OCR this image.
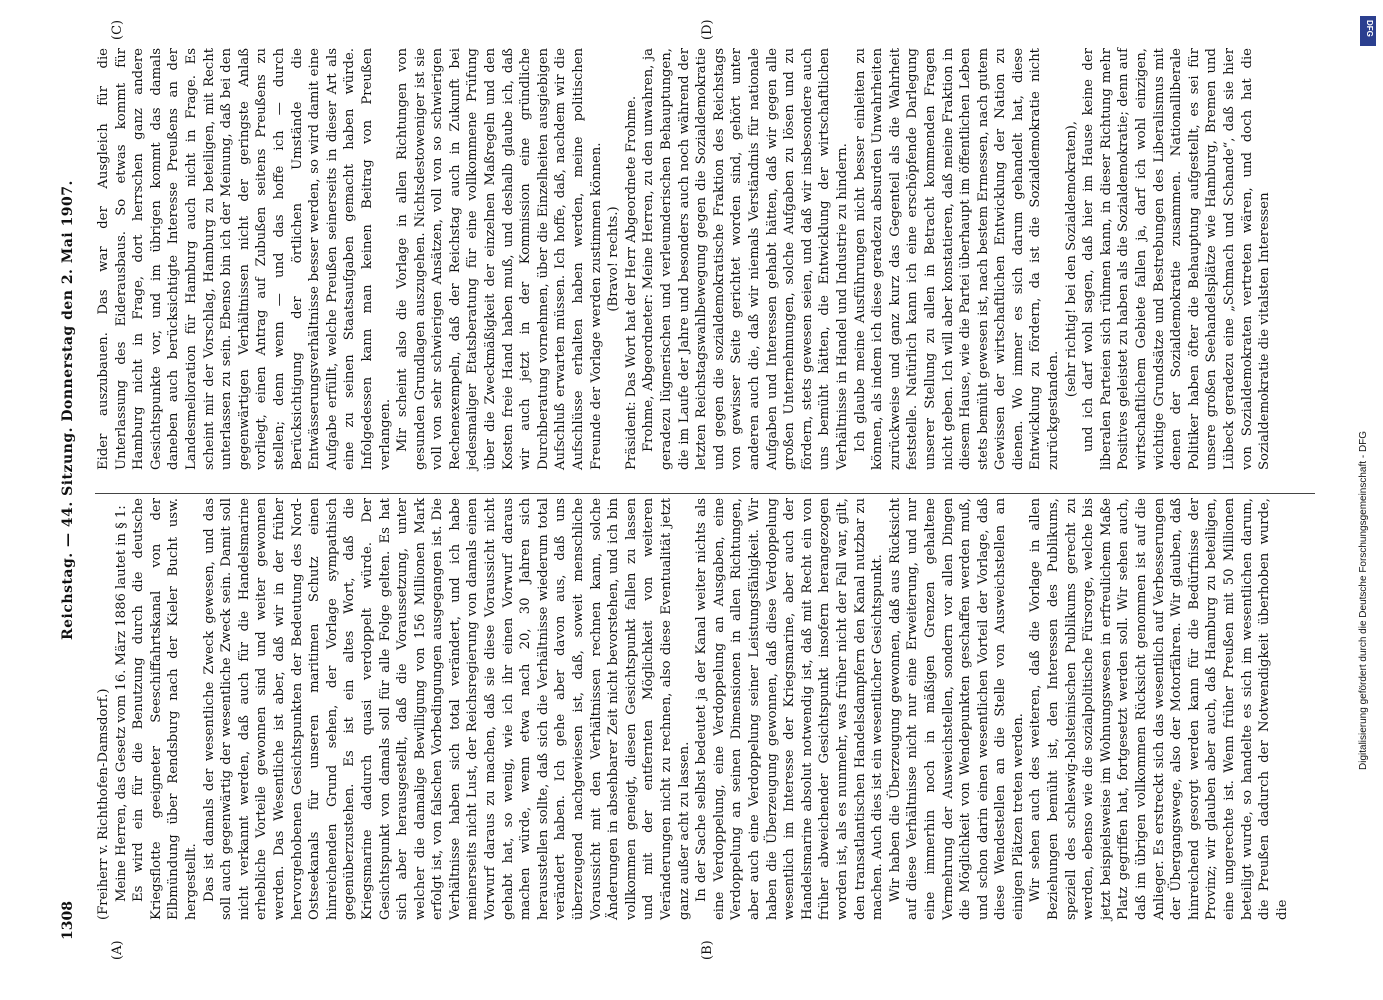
1308
Reichstag. — 44. Sitzung. Donnerstag den 2. Mai 1907.
(A)	(B)
(C)	(D)

(Freiherr v. Richthofen-Damsdorf.) Meine Herren, das Gesetz vom 16. März 1886 lautet in § 1: Es wird ein für die Benutzung durch die deutsche Kriegsflotte geeigneter Seeschiffahrtskanal von der Elbmündung über Rendsburg nach der Kieler Bucht usw. hergestellt. Das ist damals der wesentliche Zweck gewesen, und das soll auch gegenwärtig der wesentliche Zweck sein. Damit soll nicht verkannt werden, daß auch für die Handelsmarine erhebliche Vorteile gewonnen sind und weiter gewonnen werden. Das Wesentliche ist aber, daß wir in der früher hervorgehobenen Gesichtspunkten der Bedeutung des Nord-Ostseekanals für unseren maritimen Schutz einen hinreichenden Grund sehen, der Vorlage sympathisch gegenüberzustehen. Es ist ein altes Wort, daß die Kriegsmarine dadurch quasi verdoppelt würde. Der Gesichtspunkt von damals soll für alle Folge gelten. Es hat sich aber herausgestellt, daß die Voraussetzung, unter welcher die damalige Bewilligung von 156 Millionen Mark erfolgt ist, von falschen Vorbedingungen ausgegangen ist. Die Verhältnisse haben sich total verändert, und ich habe meinerseits nicht Lust, der Reichsregierung von damals einen Vorwurf daraus zu machen, daß sie diese Voraussicht nicht gehabt hat, so wenig, wie ich ihr einen Vorwurf daraus machen würde, wenn etwa nach 20, 30 Jahren sich herausstellen sollte, daß sich die Verhältnisse wiederum total verändert haben. Ich gehe aber davon aus, daß uns überzeugend nachgewiesen ist, daß, soweit menschliche Voraussicht mit den Verhältnissen rechnen kann, solche Änderungen in absehbarer Zeit nicht bevorstehen, und ich bin vollkommen geneigt, diesen Gesichtspunkt fallen zu lassen und mit der entfernten Möglichkeit von weiteren Veränderungen nicht zu rechnen, also diese Eventualität jetzt ganz außer acht zu lassen. In der Sache selbst bedeutet ja der Kanal weiter nichts als eine Verdoppelung, eine Verdoppelung an Ausgaben, eine Verdoppelung an seinen Dimensionen in allen Richtungen, aber auch eine Verdoppelung seiner Leistungsfähigkeit. Wir haben die Überzeugung gewonnen, daß diese Verdoppelung wesentlich im Interesse der Kriegsmarine, aber auch der Handelsmarine absolut notwendig ist, daß mit Recht ein von früher abweichender Gesichtspunkt insofern herangezogen worden ist, als es nunmehr, was früher nicht der Fall war, gilt, den transatlantischen Handelsdampfern den Kanal nutzbar zu machen. Auch dies ist ein wesentlicher Gesichtspunkt. Wir haben die Überzeugung gewonnen, daß aus Rücksicht auf diese Verhältnisse nicht nur eine Erweiterung, und nur eine immerhin noch in mäßigen Grenzen gehaltene Vermehrung der Ausweichstellen, sondern vor allen Dingen die Möglichkeit von Wendepunkten geschaffen werden muß, und schon darin einen wesentlichen Vorteil der Vorlage, daß diese Wendestellen an die Stelle von Ausweichstellen an einigen Plätzen treten werden. Wir sehen auch des weiteren, daß die Vorlage in allen Beziehungen bemüht ist, den Interessen des Publikums, speziell des schleswig-holsteinischen Publikums gerecht zu werden, ebenso wie die sozialpolitische Fürsorge, welche bis jetzt beispielsweise im Wohnungswesen in erfreulichem Maße Platz gegriffen hat, fortgesetzt werden soll. Wir sehen auch, daß im übrigen vollkommen Rücksicht genommen ist auf die Anlieger. Es erstreckt sich das wesentlich auf Verbesserungen der Übergangswege, also der Motorfähren. Wir glauben, daß hinreichend gesorgt werden kann für die Bedürfnisse der Provinz; wir glauben aber auch, daß Hamburg zu beteiligen, eine ungerechte ist. Wenn früher Preußen mit 50 Millionen beteiligt wurde, so handelte es sich im wesentlichen darum, die Preußen dadurch der Notwendigkeit überhoben wurde, die

Eider auszubauen. Das war der Ausgleich für die Unterlassung des Eiderausbaus. So etwas kommt für Hamburg nicht in Frage, dort herrschen ganz andere Gesichtspunkte vor, und im übrigen kommt das damals daneben auch berücksichtigte Interesse Preußens an der Landesmelioration für Hamburg auch nicht in Frage. Es scheint mir der Vorschlag, Hamburg zu beteiligen, mit Recht unterlassen zu sein. Ebenso bin ich der Meinung, daß bei den gegenwärtigen Verhältnissen nicht der geringste Anlaß vorliegt, einen Antrag auf Zubußen seitens Preußens zu stellen; denn wenn — und das hoffe ich — durch Berücksichtigung der örtlichen Umstände die Entwässerungsverhältnisse besser werden, so wird damit eine Aufgabe erfüllt, welche Preußen seinerseits in dieser Art als eine zu seinen Staatsaufgaben gemacht haben würde. Infolgedessen kann man keinen Beitrag von Preußen verlangen. Mir scheint also die Vorlage in allen Richtungen von gesunden Grundlagen auszugehen. Nichtsdestoweniger ist sie voll von sehr schwierigen Ansätzen, voll von so schwierigen Rechenexempeln, daß der Reichstag auch in Zukunft bei jedesmaliger Etatsberatung für eine vollkommene Prüfung über die Zweckmäßigkeit der einzelnen Maßregeln und den Kosten freie Hand haben muß, und deshalb glaube ich, daß wir auch jetzt in der Kommission eine gründliche Durchberatung vornehmen, über die Einzelheiten ausgiebigen Aufschluß erwarten müssen. Ich hoffe, daß, nachdem wir die Aufschlüsse erhalten haben werden, meine politischen Freunde der Vorlage werden zustimmen können. (Bravo! rechts.) Präsident: Das Wort hat der Herr Abgeordnete Frohme. Frohme, Abgeordneter: Meine Herren, zu den unwahren, ja geradezu lügnerischen und verleumderischen Behauptungen, die im Laufe der Jahre und besonders auch noch während der letzten Reichstagswahlbewegung gegen die Sozialdemokratie und gegen die sozialdemokratische Fraktion des Reichstags von gewisser Seite gerichtet worden sind, gehört unter anderen auch die, daß wir niemals Verständnis für nationale Aufgaben und Interessen gehabt hätten, daß wir gegen alle großen Unternehmungen, solche Aufgaben zu lösen und zu fördern, stets gewesen seien, und daß wir insbesondere auch uns bemüht hätten, die Entwicklung der wirtschaftlichen Verhältnisse in Handel und Industrie zu hindern. Ich glaube meine Ausführungen nicht besser einleiten zu können, als indem ich diese geradezu absurden Unwahrheiten zurückweise und ganz kurz das Gegenteil als die Wahrheit feststelle. Natürlich kann ich eine erschöpfende Darlegung unserer Stellung zu allen in Betracht kommenden Fragen nicht geben. Ich will aber konstatieren, daß meine Fraktion in diesem Hause, wie die Partei überhaupt im öffentlichen Leben stets bemüht gewesen ist, nach bestem Ermessen, nach gutem Gewissen der wirtschaftlichen Entwicklung der Nation zu dienen. Wo immer es sich darum gehandelt hat, diese Entwicklung zu fördern, da ist die Sozialdemokratie nicht zurückgestanden.

(sehr richtig! bei den Sozialdemokraten), und ich darf wohl sagen, daß hier im Hause keine der liberalen Parteien sich rühmen kann, in dieser Richtung mehr Positives geleistet zu haben als die Sozialdemokratie; denn auf wirtschaftlichem Gebiete fallen ja, darf ich wohl einzigen, wichtige Grundsätze und Bestrebungen des Liberalismus mit denen der Sozialdemokratie zusammen. Nationalliberale Politiker haben öfter die Behauptung aufgestellt, es sei für unsere großen Seehandelsplätze wie Hamburg, Bremen und Lübeck geradezu eine „Schmach und Schande“, daß sie hier von Sozialdemokraten vertreten wären, und doch hat die Sozialdemokratie die vitalsten Interessen

DFG
Digitalisierung gefördert durch die Deutsche Forschungsgemeinschaft - DFG
